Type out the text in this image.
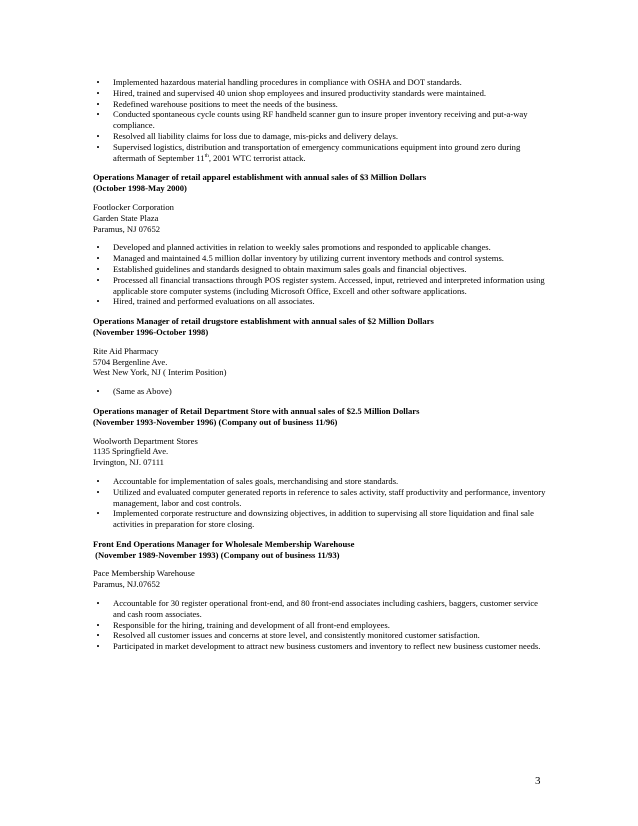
•	Implemented hazardous material handling procedures in compliance with OSHA and DOT standards.
•	Hired, trained and supervised 40 union shop employees and insured productivity standards were maintained.
•	Redefined warehouse positions to meet the needs of the business.
•	Conducted spontaneous cycle counts using RF handheld scanner gun to insure proper inventory receiving and put-a-way compliance.
•	Resolved all liability claims for loss due to damage, mis-picks and delivery delays.
•	Supervised logistics, distribution and transportation of emergency communications equipment into ground zero during aftermath of September 11th, 2001 WTC terrorist attack.
Operations Manager of retail apparel establishment with annual sales of $3 Million Dollars
(October 1998-May 2000)
Footlocker Corporation
Garden State Plaza
Paramus, NJ 07652
•	Developed and planned activities in relation to weekly sales promotions and responded to applicable changes.
•	Managed and maintained 4.5 million dollar inventory by utilizing current inventory methods and control systems.
•	Established guidelines and standards designed to obtain maximum sales goals and financial objectives.
•	Processed all financial transactions through POS register system. Accessed, input, retrieved and interpreted information using applicable store computer systems (including Microsoft Office, Excell and other software applications.
•	Hired, trained and performed evaluations on all associates.
Operations Manager of retail drugstore establishment with annual sales of $2 Million Dollars
(November 1996-October 1998)
Rite Aid Pharmacy
5704 Bergenline Ave.
West New York, NJ ( Interim Position)
•	(Same as Above)
Operations manager of Retail Department Store with annual sales of $2.5 Million Dollars
(November 1993-November 1996) (Company out of business 11/96)
Woolworth Department Stores
1135 Springfield Ave.
Irvington, NJ. 07111
•	Accountable for implementation of sales goals, merchandising and store standards.
•	Utilized and evaluated computer generated reports in reference to sales activity, staff productivity and performance, inventory management, labor and cost controls.
•	Implemented corporate restructure and downsizing objectives, in addition to supervising all store liquidation and final sale activities in preparation for store closing.
Front End Operations Manager for Wholesale Membership Warehouse
(November 1989-November 1993) (Company out of business 11/93)
Pace Membership Warehouse
Paramus, NJ.07652
•	Accountable for 30 register operational front-end, and 80 front-end associates including cashiers, baggers, customer service and cash room associates.
•	Responsible for the hiring, training and development of all front-end employees.
•	Resolved all customer issues and concerns at store level, and consistently monitored customer satisfaction.
•	Participated in market development to attract new business customers and inventory to reflect new business customer needs.
3
